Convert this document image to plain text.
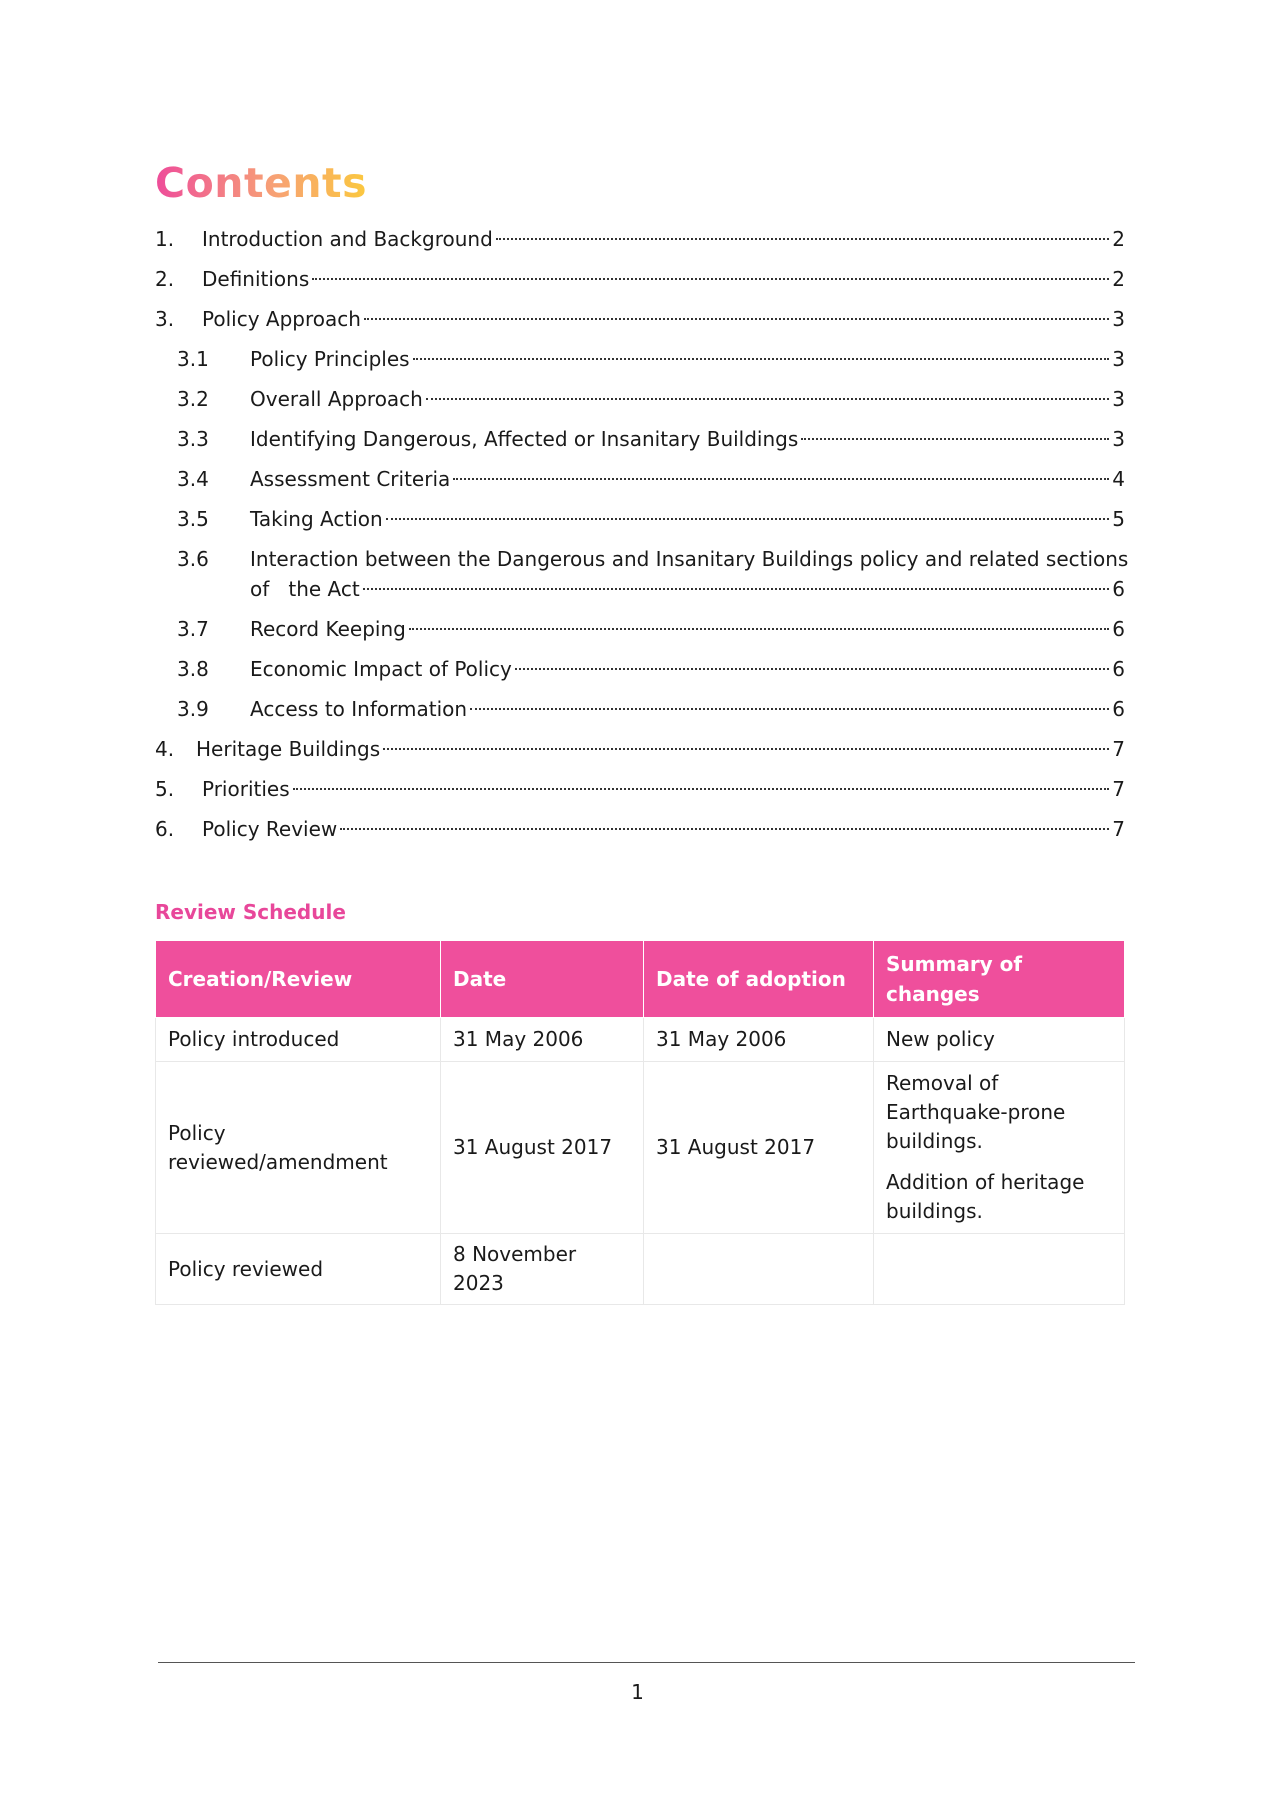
Contents
1. Introduction and Background	2
2. Definitions	2
3. Policy Approach	3
3.1 Policy Principles	3
3.2 Overall Approach	3
3.3 Identifying Dangerous, Affected or Insanitary Buildings	3
3.4 Assessment Criteria	4
3.5 Taking Action	5
3.6 Interaction between the Dangerous and Insanitary Buildings policy and related sections
of   the Act	6
3.7 Record Keeping	6
3.8 Economic Impact of Policy	6
3.9 Access to Information	6
4. Heritage Buildings	7
5. Priorities	7
6. Policy Review	7
Review Schedule
Creation/Review	Date	Date of adoption	Summary of changes
Policy introduced	31 May 2006	31 May 2006	New policy

Policy reviewed/amendment	31 August 2017	31 August 2017	Removal of Earthquake-prone buildings.

Addition of heritage buildings.

Policy reviewed	8 November 2023		

1
